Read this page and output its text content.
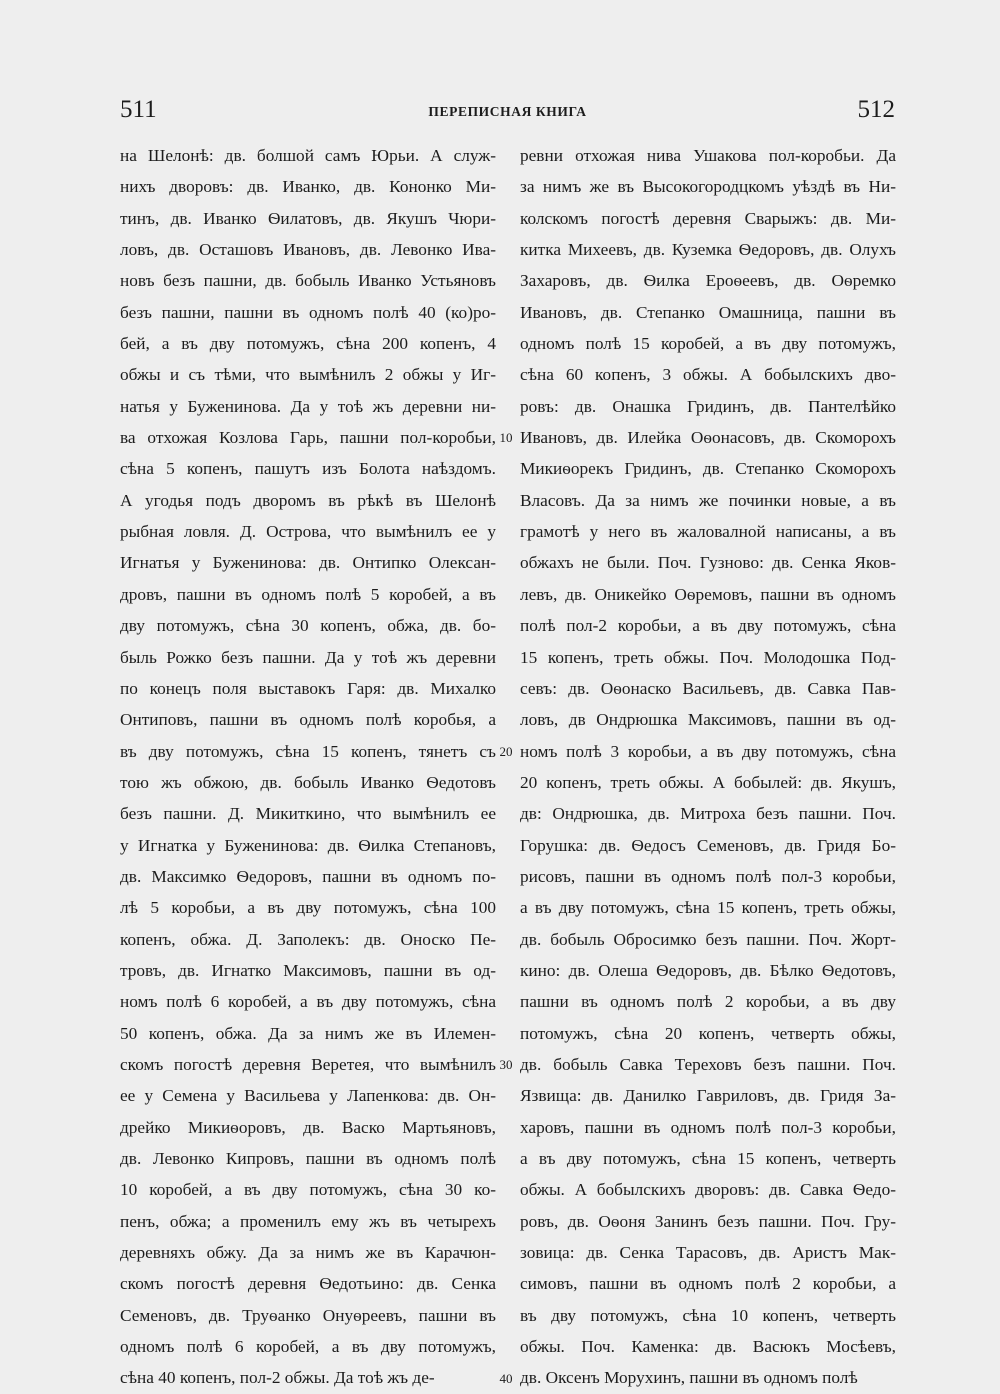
511	ПЕРЕПИСНАЯ КНИГА	512
на Шелонѣ: дв. болшой самъ Юрьи. А служ-
нихъ дворовъ: дв. Иванко, дв. Кононко Ми-
тинъ, дв. Иванко Ѳилатовъ, дв. Якушъ Чюри-
ловъ, дв. Осташовъ Ивановъ, дв. Левонко Ива-
новъ безъ пашни, дв. бобыль Иванко Устьяновъ
безъ пашни, пашни въ одномъ полѣ 40 (ко)ро-
бей, а въ дву потомужъ, сѣна 200 копенъ, 4
обжы и съ тѣми, что вымѣнилъ 2 обжы у Иг-
натья у Буженинова. Да у тоѣ жъ деревни ни-
ва отхожая Козлова Гарь, пашни пол-коробьи,
сѣна 5 копенъ, пашутъ изъ Болота наѣздомъ.
А угодья подъ дворомъ въ рѣкѣ въ Шелонѣ
рыбная ловля. Д. Острова, что вымѣнилъ ее у
Игнатья у Буженинова: дв. Онтипко Олексан-
дровъ, пашни въ одномъ полѣ 5 коробей, а въ
дву потомужъ, сѣна 30 копенъ, обжа, дв. бо-
быль Рожко безъ пашни. Да у тоѣ жъ деревни
по конецъ поля выставокъ Гаря: дв. Михалко
Онтиповъ, пашни въ одномъ полѣ коробья, а
въ дву потомужъ, сѣна 15 копенъ, тянетъ съ
тою жъ обжою, дв. бобыль Иванко Ѳедотовъ
безъ пашни. Д. Микиткино, что вымѣнилъ ее
у Игнатка у Буженинова: дв. Ѳилка Степановъ,
дв. Максимко Ѳедоровъ, пашни въ одномъ по-
лѣ 5 коробьи, а въ дву потомужъ, сѣна 100
копенъ, обжа. Д. Заполекъ: дв. Оноско Пе-
тровъ, дв. Игнатко Максимовъ, пашни въ од-
номъ полѣ 6 коробей, а въ дву потомужъ, сѣна
50 копенъ, обжа. Да за нимъ же въ Илемен-
скомъ погостѣ деревня Веретея, что вымѣнилъ
ее у Семена у Васильева у Лапенкова: дв. Он-
дрейко Микиѳоровъ, дв. Васко Мартьяновъ,
дв. Левонко Кипровъ, пашни въ одномъ полѣ
10 коробей, а въ дву потомужъ, сѣна 30 ко-
пенъ, обжа; а променилъ ему жъ въ четырехъ
деревняхъ обжу. Да за нимъ же въ Карачюн-
скомъ погостѣ деревня Ѳедотьино: дв. Сенка
Семеновъ, дв. Труѳанко Онуѳреевъ, пашни въ
одномъ полѣ 6 коробей, а въ дву потомужъ,
сѣна 40 копенъ, пол-2 обжы. Да тоѣ жъ де-
10
20
30
40
ревни отхожая нива Ушакова пол-коробьи. Да
за нимъ же въ Высокогородцкомъ уѣздѣ въ Ни-
колскомъ погостѣ деревня Сварыжъ: дв. Ми-
китка Михеевъ, дв. Куземка Ѳедоровъ, дв. Олухъ
Захаровъ, дв. Ѳилка Ероѳеевъ, дв. Оѳремко
Ивановъ, дв. Степанко Омашница, пашни въ
одномъ полѣ 15 коробей, а въ дву потомужъ,
сѣна 60 копенъ, 3 обжы. А бобылскихъ дво-
ровъ: дв. Онашка Гридинъ, дв. Пантелѣйко
Ивановъ, дв. Илейка Оѳонасовъ, дв. Скоморохъ
Микиѳорекъ Гридинъ, дв. Степанко Скоморохъ
Власовъ. Да за нимъ же починки новые, а въ
грамотѣ у него въ жаловалной написаны, а въ
обжахъ не были. Поч. Гузново: дв. Сенка Яков-
левъ, дв. Оникейко Оѳремовъ, пашни въ одномъ
полѣ пол-2 коробьи, а въ дву потомужъ, сѣна
15 копенъ, треть обжы. Поч. Молодошка Под-
севъ: дв. Оѳонаско Васильевъ, дв. Савка Пав-
ловъ, дв Ондрюшка Максимовъ, пашни въ од-
номъ полѣ 3 коробьи, а въ дву потомужъ, сѣна
20 копенъ, треть обжы. А бобылей: дв. Якушъ,
дв: Ондрюшка, дв. Митроха безъ пашни. Поч.
Горушка: дв. Ѳедосъ Семеновъ, дв. Гридя Бо-
рисовъ, пашни въ одномъ полѣ пол-3 коробьи,
а въ дву потомужъ, сѣна 15 копенъ, треть обжы,
дв. бобыль Обросимко безъ пашни. Поч. Жорт-
кино: дв. Олеша Ѳедоровъ, дв. Бѣлко Ѳедотовъ,
пашни въ одномъ полѣ 2 коробьи, а въ дву
потомужъ, сѣна 20 копенъ, четверть обжы,
дв. бобыль Савка Тереховъ безъ пашни. Поч.
Язвища: дв. Данилко Гавриловъ, дв. Гридя За-
харовъ, пашни въ одномъ полѣ пол-3 коробьи,
а въ дву потомужъ, сѣна 15 копенъ, четверть
обжы. А бобылскихъ дворовъ: дв. Савка Ѳедо-
ровъ, дв. Оѳоня Занинъ безъ пашни. Поч. Гру-
зовица: дв. Сенка Тарасовъ, дв. Аристъ Мак-
симовъ, пашни въ одномъ полѣ 2 коробьи, а
въ дву потомужъ, сѣна 10 копенъ, четверть
обжы. Поч. Каменка: дв. Васюкъ Мосѣевъ,
дв. Оксенъ Морухинъ, пашни въ одномъ полѣ
